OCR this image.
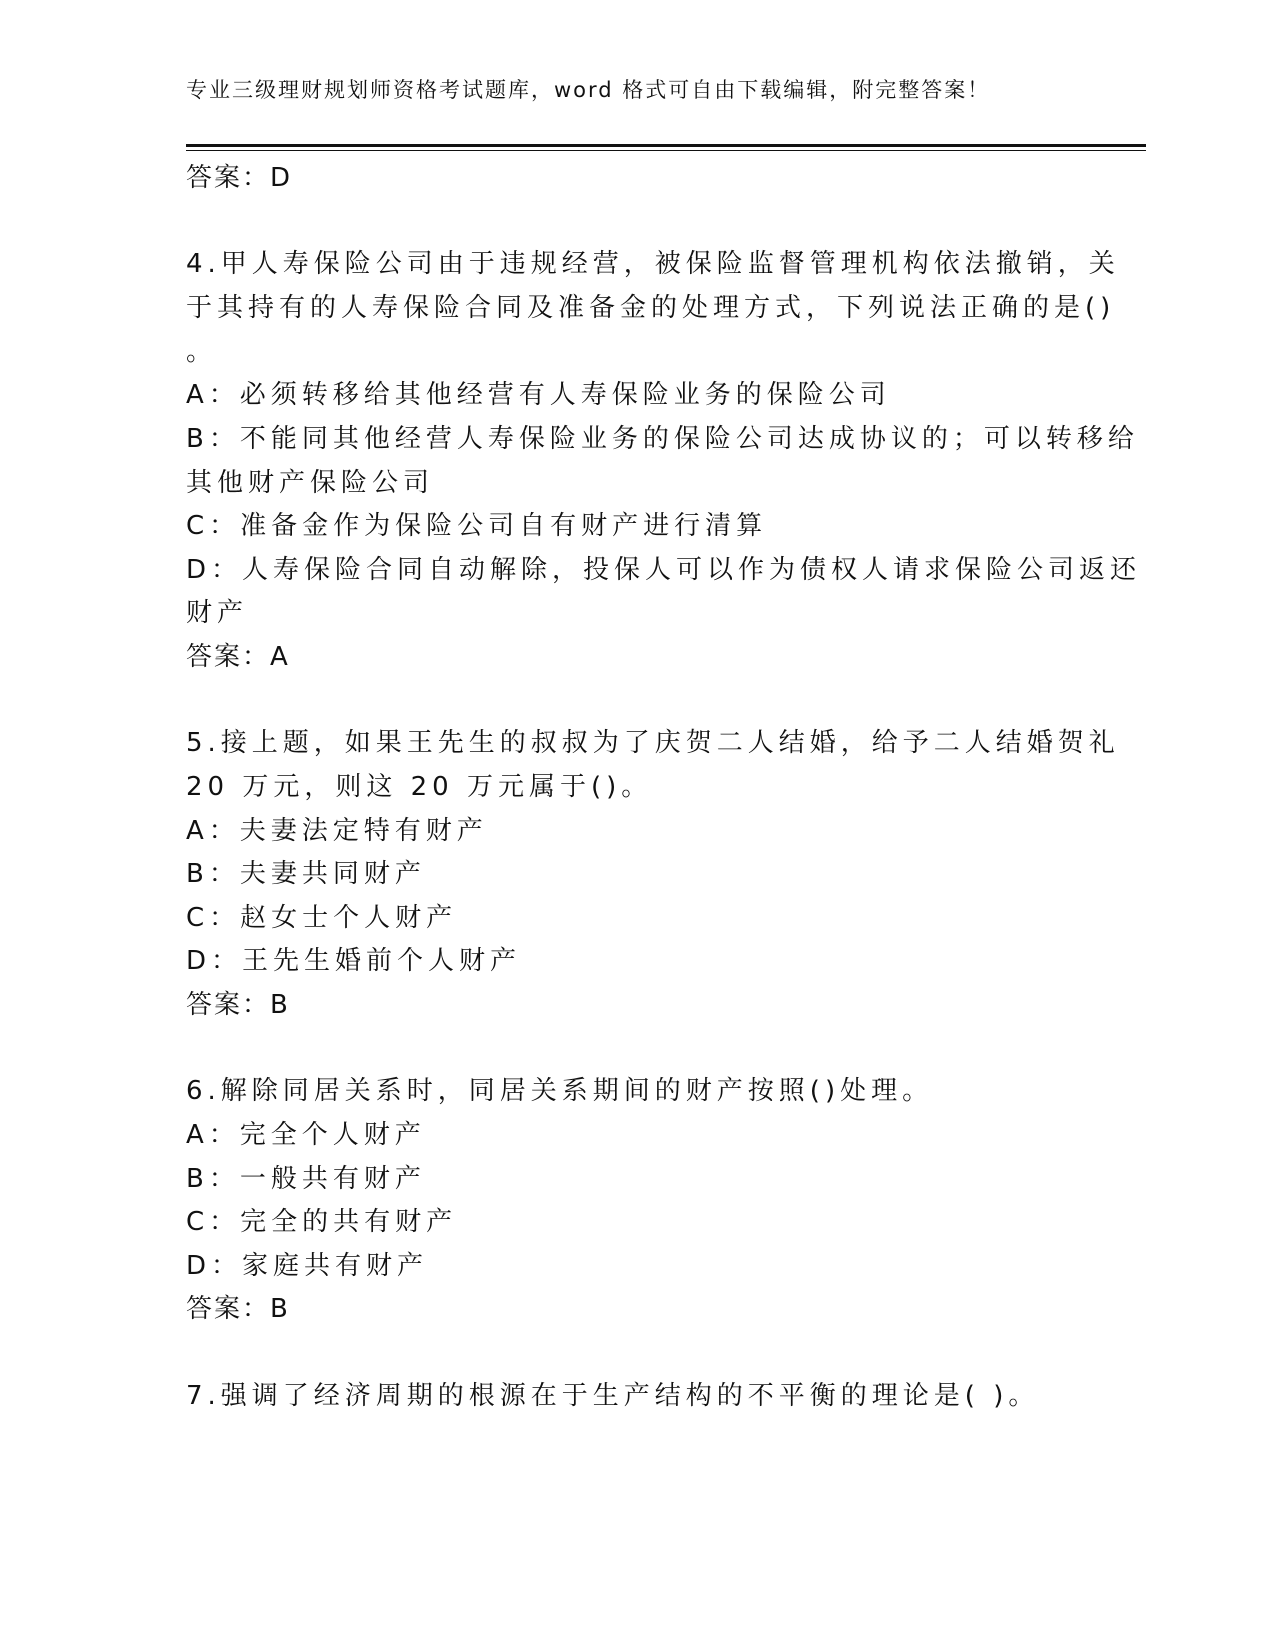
专业三级理财规划师资格考试题库，word 格式可自由下载编辑，附完整答案！
答案：D
4.甲人寿保险公司由于违规经营，被保险监督管理机构依法撤销，关
于其持有的人寿保险合同及准备金的处理方式，下列说法正确的是()
。
A：必须转移给其他经营有人寿保险业务的保险公司
B：不能同其他经营人寿保险业务的保险公司达成协议的；可以转移给
其他财产保险公司
C：准备金作为保险公司自有财产进行清算
D：人寿保险合同自动解除，投保人可以作为债权人请求保险公司返还
财产
答案：A
5.接上题，如果王先生的叔叔为了庆贺二人结婚，给予二人结婚贺礼
20 万元，则这 20 万元属于()。
A：夫妻法定特有财产
B：夫妻共同财产
C：赵女士个人财产
D：王先生婚前个人财产
答案：B
6.解除同居关系时，同居关系期间的财产按照()处理。
A：完全个人财产
B：一般共有财产
C：完全的共有财产
D：家庭共有财产
答案：B
7.强调了经济周期的根源在于生产结构的不平衡的理论是( )。
